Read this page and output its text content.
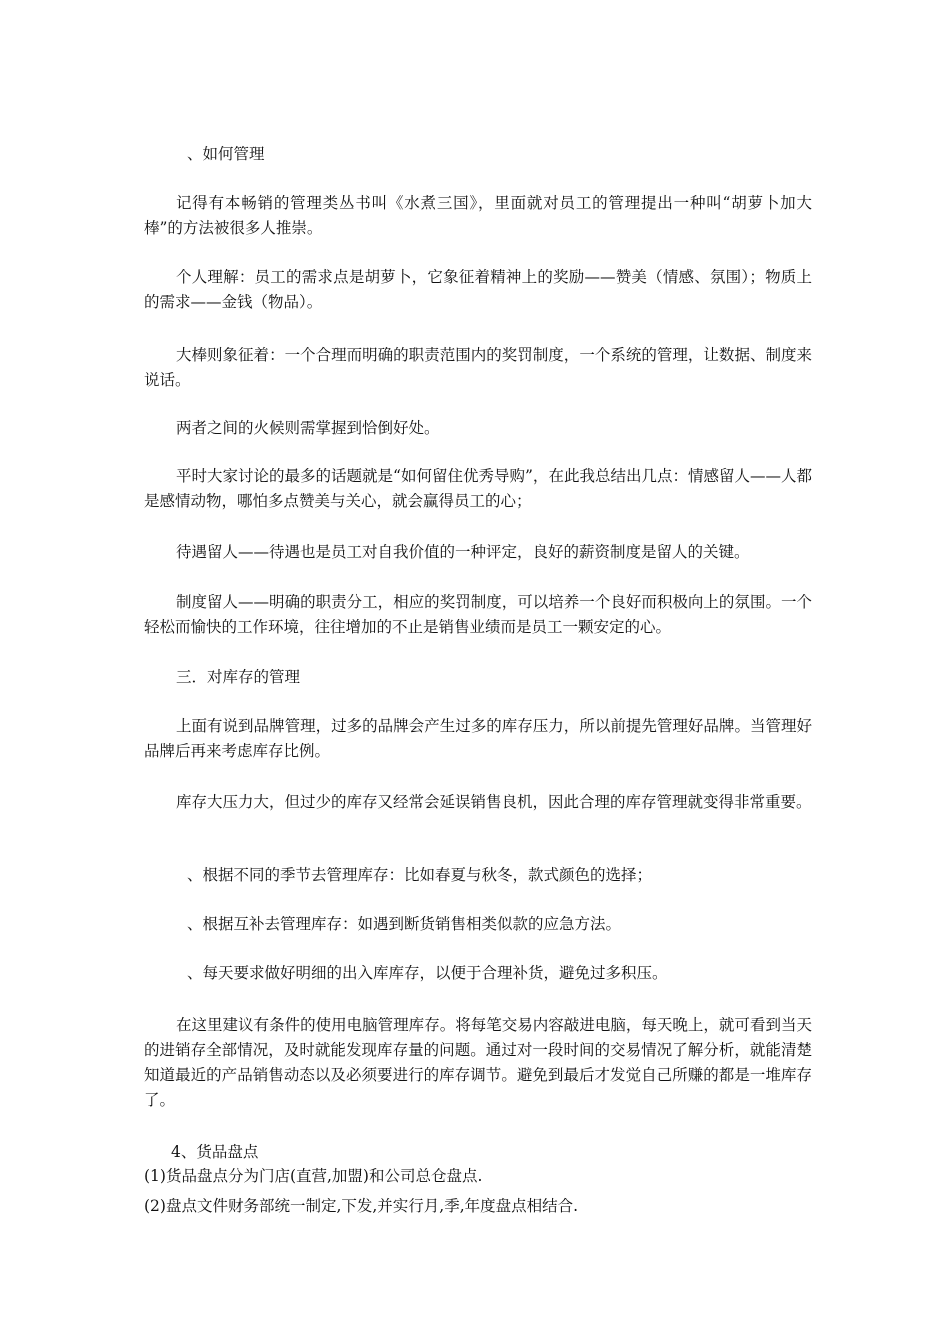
、如何管理

记得有本畅销的管理类丛书叫《水煮三国》，里面就对员工的管理提出一种叫“胡萝卜加大棒”的方法被很多人推崇。

个人理解：员工的需求点是胡萝卜，它象征着精神上的奖励——赞美（情感、氛围）；物质上的需求——金钱（物品）。

大棒则象征着：一个合理而明确的职责范围内的奖罚制度，一个系统的管理，让数据、制度来说话。

两者之间的火候则需掌握到恰倒好处。

平时大家讨论的最多的话题就是“如何留住优秀导购”，在此我总结出几点：情感留人——人都是感情动物，哪怕多点赞美与关心，就会赢得员工的心；

待遇留人——待遇也是员工对自我价值的一种评定，良好的薪资制度是留人的关键。

制度留人——明确的职责分工，相应的奖罚制度，可以培养一个良好而积极向上的氛围。一个轻松而愉快的工作环境，往往增加的不止是销售业绩而是员工一颗安定的心。

三．对库存的管理

上面有说到品牌管理，过多的品牌会产生过多的库存压力，所以前提先管理好品牌。当管理好品牌后再来考虑库存比例。

库存大压力大，但过少的库存又经常会延误销售良机，因此合理的库存管理就变得非常重要。

、根据不同的季节去管理库存：比如春夏与秋冬，款式颜色的选择；

、根据互补去管理库存：如遇到断货销售相类似款的应急方法。

、每天要求做好明细的出入库库存，以便于合理补货，避免过多积压。

在这里建议有条件的使用电脑管理库存。将每笔交易内容敲进电脑，每天晚上，就可看到当天的进销存全部情况，及时就能发现库存量的问题。通过对一段时间的交易情况了解分析，就能清楚知道最近的产品销售动态以及必须要进行的库存调节。避免到最后才发觉自己所赚的都是一堆库存了。

4、货品盘点

(1)货品盘点分为门店(直营,加盟)和公司总仓盘点.

(2)盘点文件财务部统一制定,下发,并实行月,季,年度盘点相结合.
